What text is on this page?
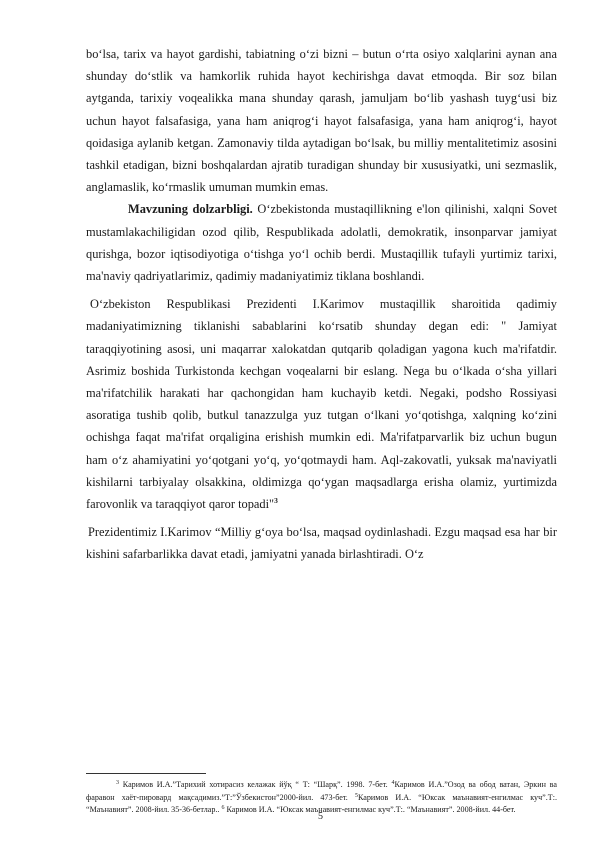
bo‘lsa, tarix va hayot gardishi, tabiatning o‘zi bizni – butun o‘rta osiyo xalqlarini aynan ana shunday do‘stlik va hamkorlik ruhida hayot kechirishga davat etmoqda. Bir soz bilan aytganda, tarixiy voqealikka mana shunday qarash, jamuljam bo‘lib yashash tuyg‘usi biz uchun hayot falsafasiga, yana ham aniqrog‘i hayot falsafasiga, yana ham aniqrog‘i, hayot qoidasiga aylanib ketgan. Zamonaviy tilda aytadigan bo‘lsak, bu milliy mentalitetimiz asosini tashkil etadigan, bizni boshqalardan ajratib turadigan shunday bir xususiyatki, uni sezmaslik, anglamaslik, ko‘rmaslik umuman mumkin emas.

Mavzuning dolzarbligi. O‘zbekistonda mustaqillikning e'lon qilinishi, xalqni Sovet mustamlakachiligidan ozod qilib, Respublikada adolatli, demokratik, insonparvar jamiyat qurishga, bozor iqtisodiyotiga o‘tishga yo‘l ochib berdi. Mustaqillik tufayli yurtimiz tarixi, ma'naviy qadriyatlarimiz, qadimiy madaniyatimiz tiklana boshlandi.

O‘zbekiston Respublikasi Prezidenti I.Karimov mustaqillik sharoitida qadimiy madaniyatimizning tiklanishi sabablarini ko‘rsatib shunday degan edi: " Jamiyat taraqqiyotining asosi, uni maqarrar xalokatdan qutqarib qoladigan yagona kuch ma'rifatdir. Asrimiz boshida Turkistonda kechgan voqealarni bir eslang. Nega bu o‘lkada o‘sha yillari ma'rifatchilik harakati har qachongidan ham kuchayib ketdi. Negaki, podsho Rossiyasi asoratiga tushib qolib, butkul tanazzulga yuz tutgan o‘lkani yo‘qotishga, xalqning ko‘zini ochishga faqat ma'rifat orqaligina erishish mumkin edi. Ma'rifatparvarlik biz uchun bugun ham o‘z ahamiyatini yo‘qotgani yo‘q, yo‘qotmaydi ham. Aql-zakovatli, yuksak ma'naviyatli kishilarni tarbiyalay olsakkina, oldimizga qo‘ygan maqsadlarga erisha olamiz, yurtimizda farovonlik va taraqqiyot qaror topadi"$^3$

Prezidentimiz I.Karimov “Milliy g‘oya bo‘lsa, maqsad oydinlashadi. Ezgu maqsad esa har bir kishini safarbarlikka davat etadi, jamiyatni yanada birlashtiradi. O‘z

$^3$ Каримов И.А.”Тарихий хотирасиз келажак йўқ “ Т: “Шарқ”. 1998. 7-бет. $^4$Каримов И.А.”Озод ва обод ватан, Эркин ва фаравон хаёт-пировард мақсадимиз.”Т:”Ўзбекистон”2000-йил. 473-бет. $^5$Каримов И.А. “Юксак маънавият-енгилмас куч”.Т:. “Маънавият”. 2008-йил. 35-36-бетлар.. $^6$ Каримов И.А. “Юксак маънавият-енгилмас куч”.Т:. “Маънавият”. 2008-йил. 44-бет.

5
